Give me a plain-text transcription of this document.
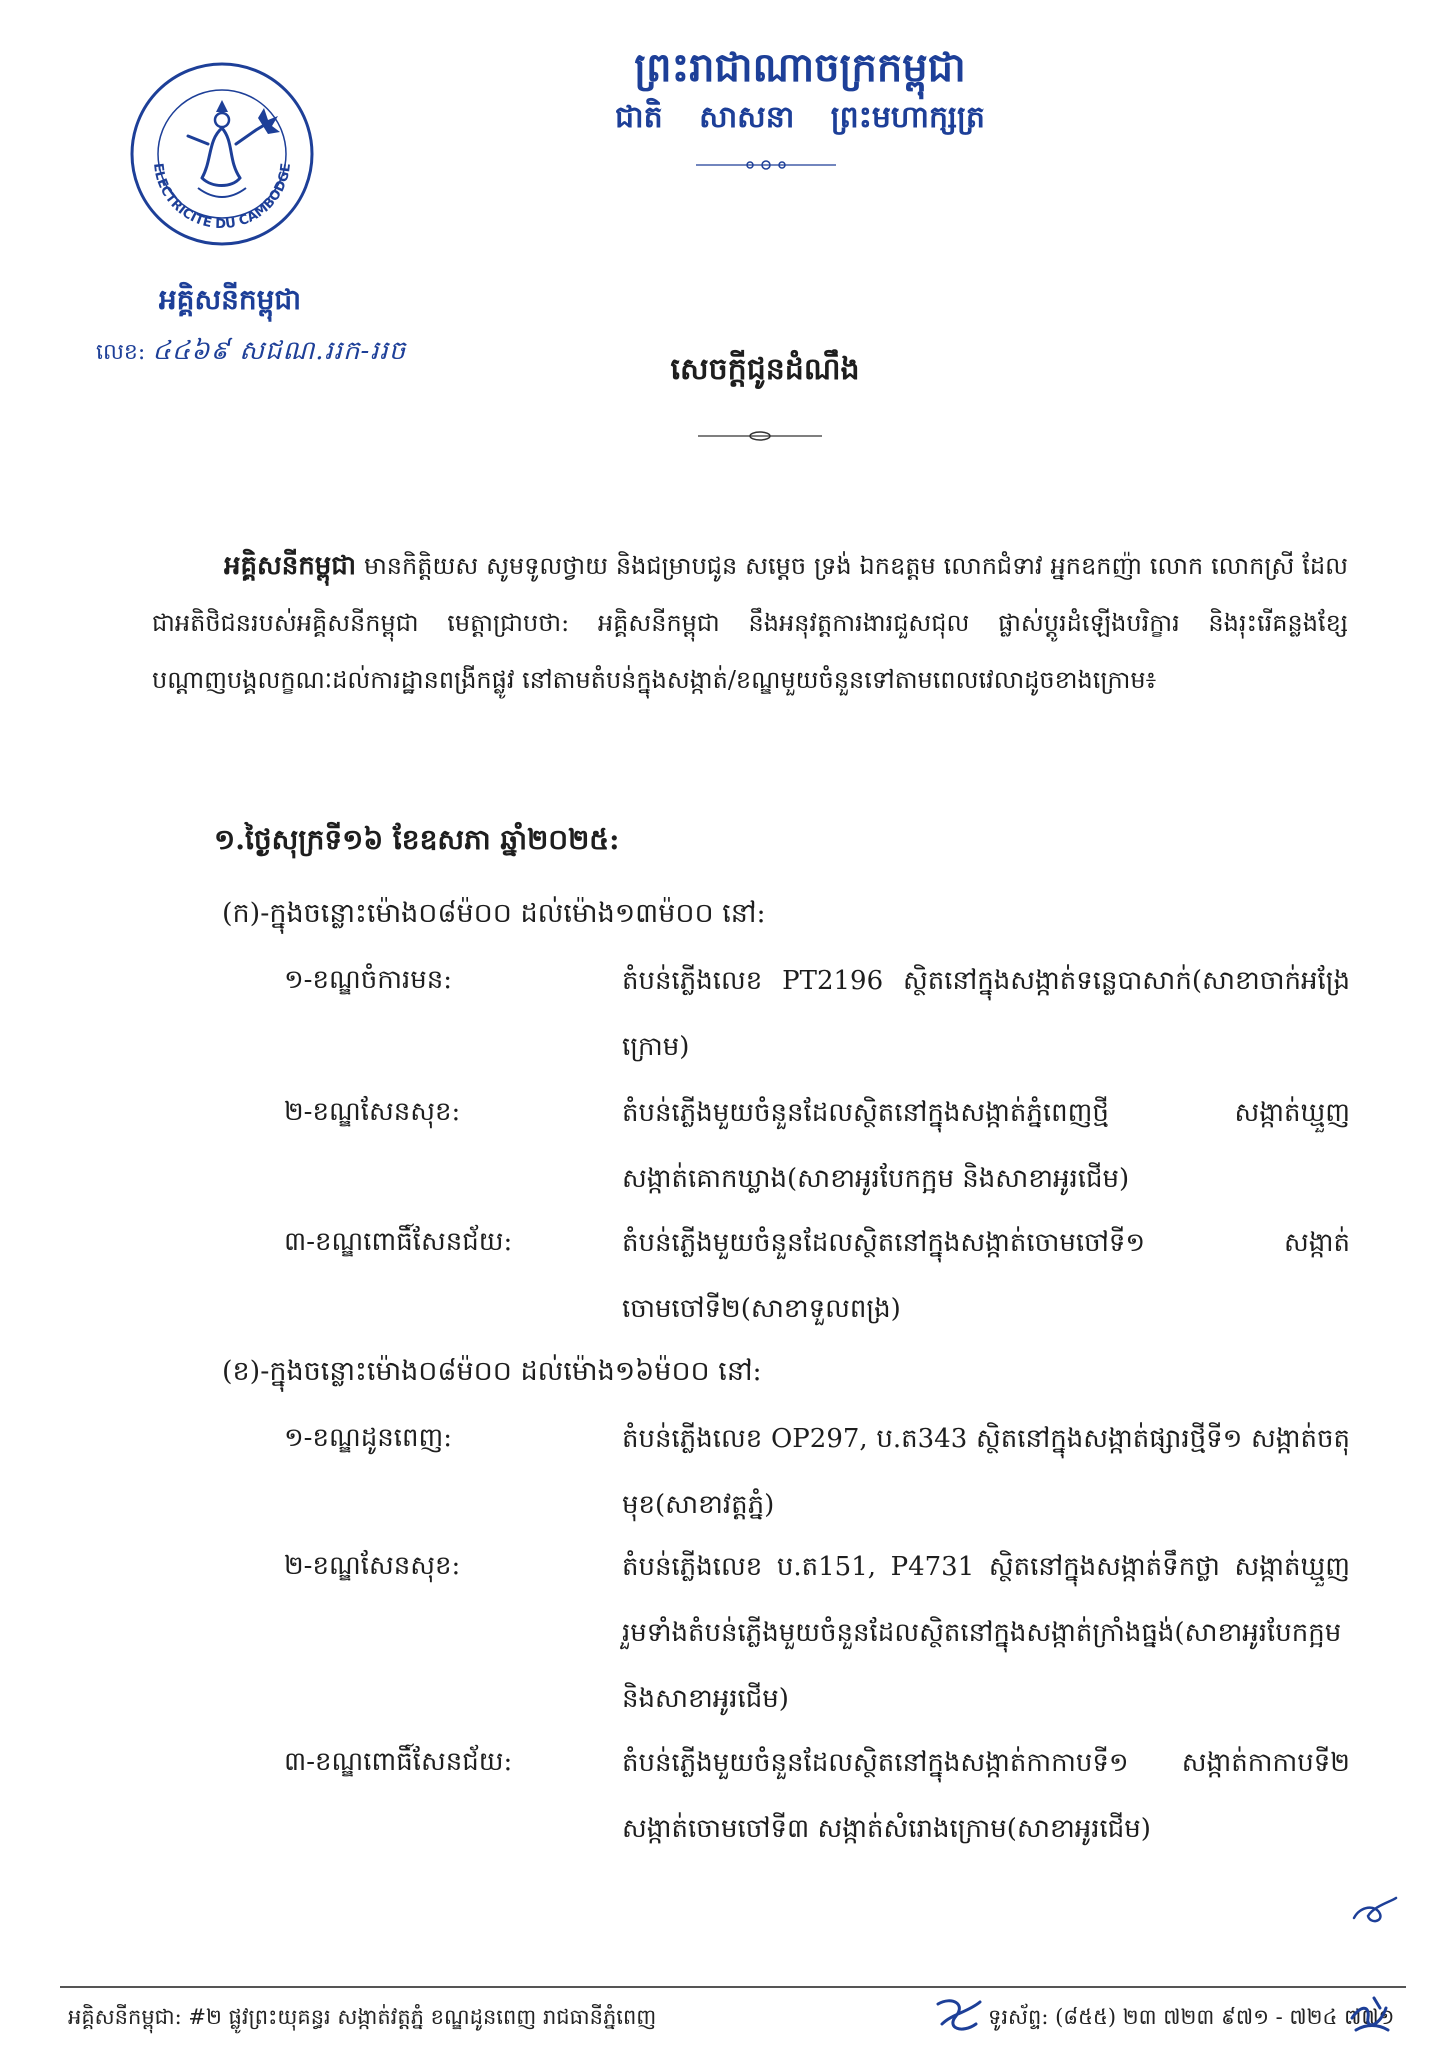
ELECTRICITE DU CAMBODGE
ព្រះរាជាណាចក្រកម្ពុជា
ជាតិ សាសនា ព្រះមហាក្សត្រ
អគ្គិសនីកម្ពុជា
លេខ: ៤៤៦៩ សជណ.ររក-ររច
សេចក្តីជូនដំណឹង
អគ្គិសនីកម្ពុជា មានកិត្តិយស សូមទូលថ្វាយ និងជម្រាបជូន សម្តេច ទ្រង់ ឯកឧត្តម លោកជំទាវ អ្នកឧកញ៉ា លោក លោកស្រី ដែលជាអតិថិជនរបស់អគ្គិសនីកម្ពុជា មេត្តាជ្រាបថា: អគ្គិសនីកម្ពុជា នឹងអនុវត្តការងារជួសជុល ផ្លាស់ប្តូរដំឡើងបរិក្ខារ និងរុះរើគន្លងខ្សែបណ្តាញបង្គលក្ខណៈដល់ការដ្ឋានពង្រីកផ្លូវ នៅតាមតំបន់ក្នុងសង្កាត់/ខណ្ឌមួយចំនួនទៅតាមពេលវេលាដូចខាងក្រោម៖
១.ថ្ងៃសុក្រទី១៦ ខែឧសភា ឆ្នាំ២០២៥:
(ក)-ក្នុងចន្លោះម៉ោង០៨ម៉០០ ដល់ម៉ោង១៣ម៉០០ នៅ:
១-ខណ្ឌចំការមន:	តំបន់ភ្លើងលេខ PT2196 ស្ថិតនៅក្នុងសង្កាត់ទន្លេបាសាក់(សាខាចាក់អង្រែក្រោម)
២-ខណ្ឌសែនសុខ:	តំបន់ភ្លើងមួយចំនួនដែលស្ថិតនៅក្នុងសង្កាត់ភ្នំពេញថ្មី សង្កាត់ឃ្មួញ សង្កាត់គោកឃ្លាង(សាខាអូរបែកក្អម និងសាខាអូរជើម)
៣-ខណ្ឌពោធិ៍សែនជ័យ:	តំបន់ភ្លើងមួយចំនួនដែលស្ថិតនៅក្នុងសង្កាត់ចោមចៅទី១ សង្កាត់ចោមចៅទី២(សាខាទួលពង្រ)
(ខ)-ក្នុងចន្លោះម៉ោង០៨ម៉០០ ដល់ម៉ោង១៦ម៉០០ នៅ:
១-ខណ្ឌដូនពេញ:	តំបន់ភ្លើងលេខ OP297, ប.ត343 ស្ថិតនៅក្នុងសង្កាត់ផ្សារថ្មីទី១ សង្កាត់ចតុមុខ(សាខាវត្តភ្នំ)
២-ខណ្ឌសែនសុខ:	តំបន់ភ្លើងលេខ ប.ត151, P4731 ស្ថិតនៅក្នុងសង្កាត់ទឹកថ្លា សង្កាត់ឃ្មួញ រួមទាំងតំបន់ភ្លើងមួយចំនួនដែលស្ថិតនៅក្នុងសង្កាត់ក្រាំងធ្នង់(សាខាអូរបែកក្អម និងសាខាអូរជើម)
៣-ខណ្ឌពោធិ៍សែនជ័យ:	តំបន់ភ្លើងមួយចំនួនដែលស្ថិតនៅក្នុងសង្កាត់កាកាបទី១ សង្កាត់កាកាបទី២ សង្កាត់ចោមចៅទី៣ សង្កាត់សំរោងក្រោម(សាខាអូរជើម)
អគ្គិសនីកម្ពុជា: #២ ផ្លូវព្រះយុគន្ធរ សង្កាត់វត្តភ្នំ ខណ្ឌដូនពេញ រាជធានីភ្នំពេញ	ទូរស័ព្ទ: (៨៥៥) ២៣ ៧២៣ ៩៧១ - ៧២៤ ៧៧១
